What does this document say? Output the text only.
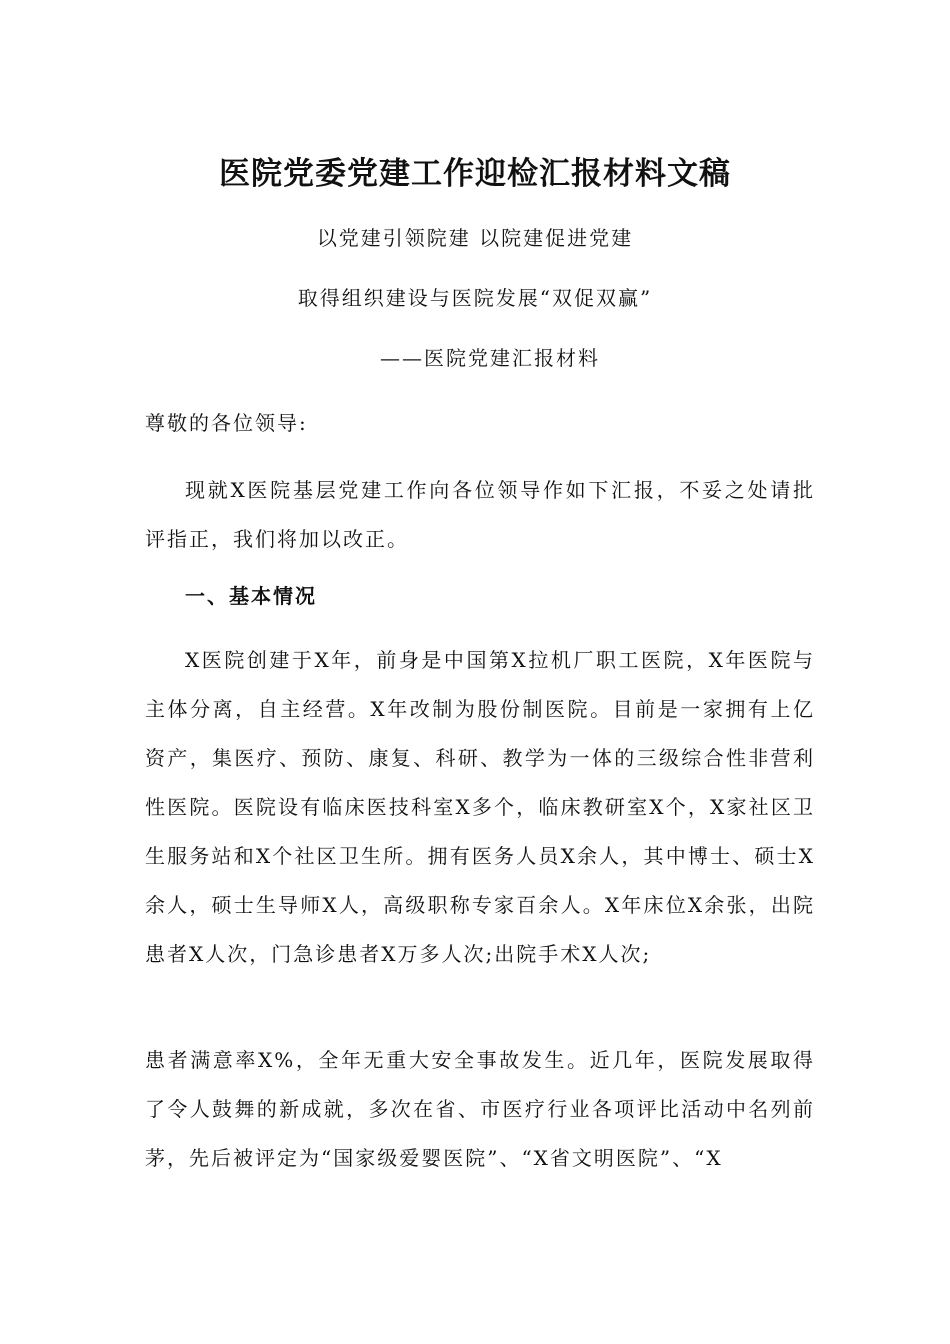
医院党委党建工作迎检汇报材料文稿

以党建引领院建 以院建促进党建

取得组织建设与医院发展“双促双赢”

——医院党建汇报材料

尊敬的各位领导:

现就X医院基层党建工作向各位领导作如下汇报，不妥之处请批评指正，我们将加以改正。

一、基本情况

X医院创建于X年，前身是中国第X拉机厂职工医院，X年医院与主体分离，自主经营。X年改制为股份制医院。目前是一家拥有上亿资产，集医疗、预防、康复、科研、教学为一体的三级综合性非营利性医院。医院设有临床医技科室X多个，临床教研室X个，X家社区卫生服务站和X个社区卫生所。拥有医务人员X余人，其中博士、硕士X余人，硕士生导师X人，高级职称专家百余人。X年床位X余张，出院患者X人次，门急诊患者X万多人次;出院手术X人次;

患者满意率X%，全年无重大安全事故发生。近几年，医院发展取得了令人鼓舞的新成就，多次在省、市医疗行业各项评比活动中名列前茅，先后被评定为“国家级爱婴医院”、“X省文明医院”、“X
